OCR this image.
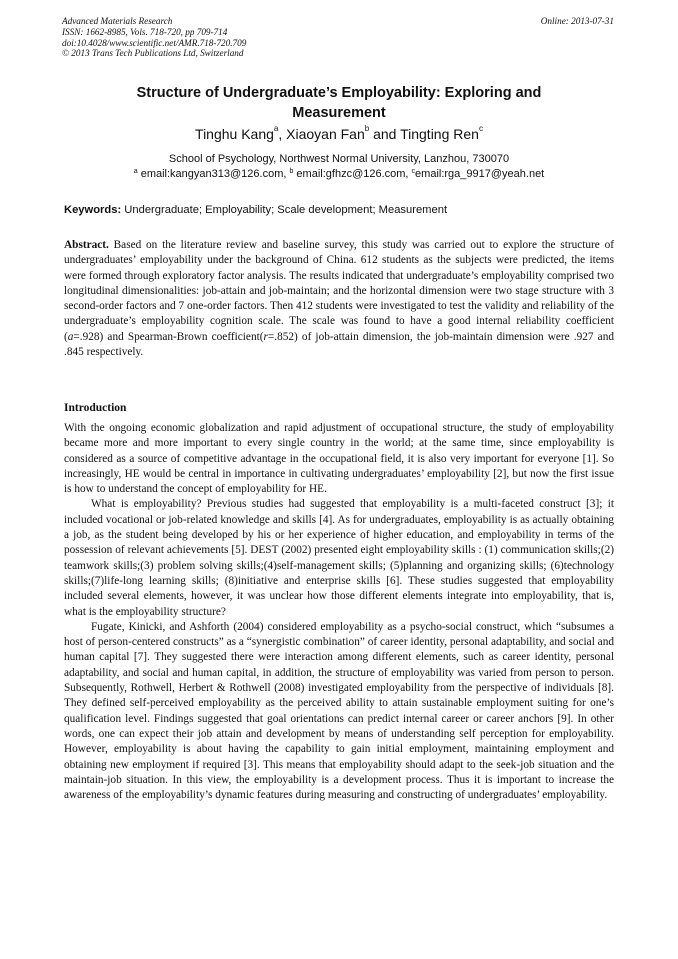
Advanced Materials Research
ISSN: 1662-8985, Vols. 718-720, pp 709-714
doi:10.4028/www.scientific.net/AMR.718-720.709
© 2013 Trans Tech Publications Ltd, Switzerland
Online: 2013-07-31
Structure of Undergraduate’s Employability: Exploring and Measurement
Tinghu Kang$^a$, Xiaoyan Fan$^b$ and Tingting Ren$^c$
School of Psychology, Northwest Normal University, Lanzhou, 730070
$^a$ email:kangyan313@126.com, $^b$ email:gfhzc@126.com, $^c$email:rga_9917@yeah.net
Keywords: Undergraduate; Employability; Scale development; Measurement
Abstract. Based on the literature review and baseline survey, this study was carried out to explore the structure of undergraduates’ employability under the background of China. 612 students as the subjects were predicted, the items were formed through exploratory factor analysis. The results indicated that undergraduate’s employability comprised two longitudinal dimensionalities: job-attain and job-maintain; and the horizontal dimension were two stage structure with 3 second-order factors and 7 one-order factors. Then 412 students were investigated to test the validity and reliability of the undergraduate’s employability cognition scale. The scale was found to have a good internal reliability coefficient (a=.928) and Spearman-Brown coefficient(r=.852) of job-attain dimension, the job-maintain dimension were .927 and .845 respectively.
Introduction

With the ongoing economic globalization and rapid adjustment of occupational structure, the study of employability became more and more important to every single country in the world; at the same time, since employability is considered as a source of competitive advantage in the occupational field, it is also very important for everyone [1]. So increasingly, HE would be central in importance in cultivating undergraduates’ employability [2], but now the first issue is how to understand the concept of employability for HE.

What is employability? Previous studies had suggested that employability is a multi-faceted construct [3]; it included vocational or job-related knowledge and skills [4]. As for undergraduates, employability is as actually obtaining a job, as the student being developed by his or her experience of higher education, and employability in terms of the possession of relevant achievements [5]. DEST (2002) presented eight employability skills : (1) communication skills;(2) teamwork skills;(3) problem solving skills;(4)self-management skills; (5)planning and organizing skills; (6)technology skills;(7)life-long learning skills; (8)initiative and enterprise skills [6]. These studies suggested that employability included several elements, however, it was unclear how those different elements integrate into employability, that is, what is the employability structure?

Fugate, Kinicki, and Ashforth (2004) considered employability as a psycho-social construct, which “subsumes a host of person-centered constructs” as a “synergistic combination” of career identity, personal adaptability, and social and human capital [7]. They suggested there were interaction among different elements, such as career identity, personal adaptability, and social and human capital, in addition, the structure of employability was varied from person to person. Subsequently, Rothwell, Herbert & Rothwell (2008) investigated employability from the perspective of individuals [8]. They defined self-perceived employability as the perceived ability to attain sustainable employment suiting for one’s qualification level. Findings suggested that goal orientations can predict internal career or career anchors [9]. In other words, one can expect their job attain and development by means of understanding self perception for employability. However, employability is about having the capability to gain initial employment, maintaining employment and obtaining new employment if required [3]. This means that employability should adapt to the seek-job situation and the maintain-job situation. In this view, the employability is a development process. Thus it is important to increase the awareness of the employability’s dynamic features during measuring and constructing of undergraduates’ employability.
